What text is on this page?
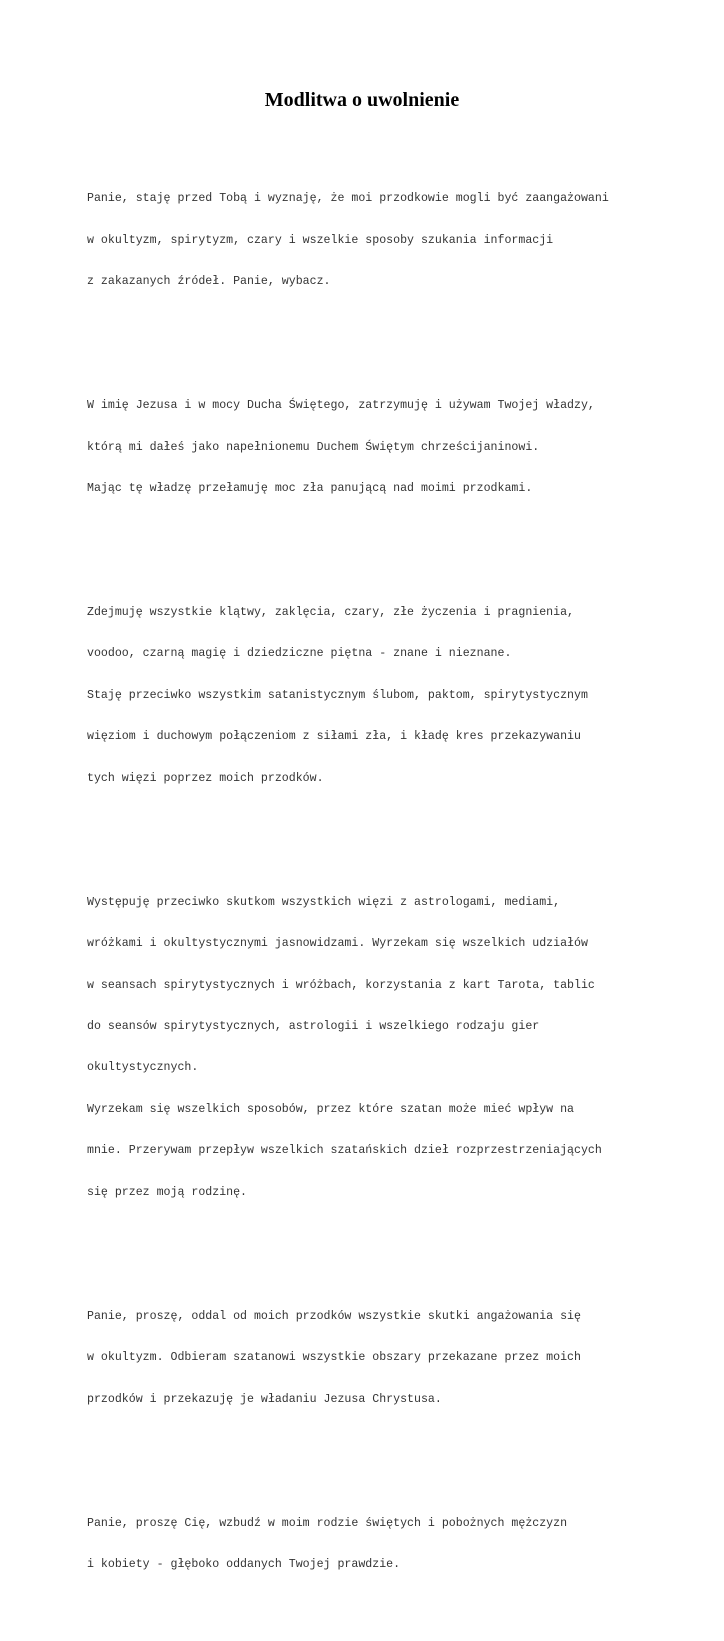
Modlitwa o uwolnienie

Panie, staję przed Tobą i wyznaję, że moi przodkowie mogli być zaangażowani

w okultyzm, spirytyzm, czary i wszelkie sposoby szukania informacji

z zakazanych źródeł. Panie, wybacz.

W imię Jezusa i w mocy Ducha Świętego, zatrzymuję i używam Twojej władzy,

którą mi dałeś jako napełnionemu Duchem Świętym chrześcijaninowi.

Mając tę władzę przełamuję moc zła panującą nad moimi przodkami.

Zdejmuję wszystkie klątwy, zaklęcia, czary, złe życzenia i pragnienia,

voodoo, czarną magię i dziedziczne piętna - znane i nieznane.

Staję przeciwko wszystkim satanistycznym ślubom, paktom, spirytystycznym

więziom i duchowym połączeniom z siłami zła, i kładę kres przekazywaniu

tych więzi poprzez moich przodków.

Występuję przeciwko skutkom wszystkich więzi z astrologami, mediami,

wróżkami i okultystycznymi jasnowidzami. Wyrzekam się wszelkich udziałów

w seansach spirytystycznych i wróżbach, korzystania z kart Tarota, tablic

do seansów spirytystycznych, astrologii i wszelkiego rodzaju gier

okultystycznych.

Wyrzekam się wszelkich sposobów, przez które szatan może mieć wpływ na

mnie. Przerywam przepływ wszelkich szatańskich dzieł rozprzestrzeniających

się przez moją rodzinę.

Panie, proszę, oddal od moich przodków wszystkie skutki angażowania się

w okultyzm. Odbieram szatanowi wszystkie obszary przekazane przez moich

przodków i przekazuję je władaniu Jezusa Chrystusa.

Panie, proszę Cię, wzbudź w moim rodzie świętych i pobożnych mężczyzn

i kobiety - głęboko oddanych Twojej prawdzie.
